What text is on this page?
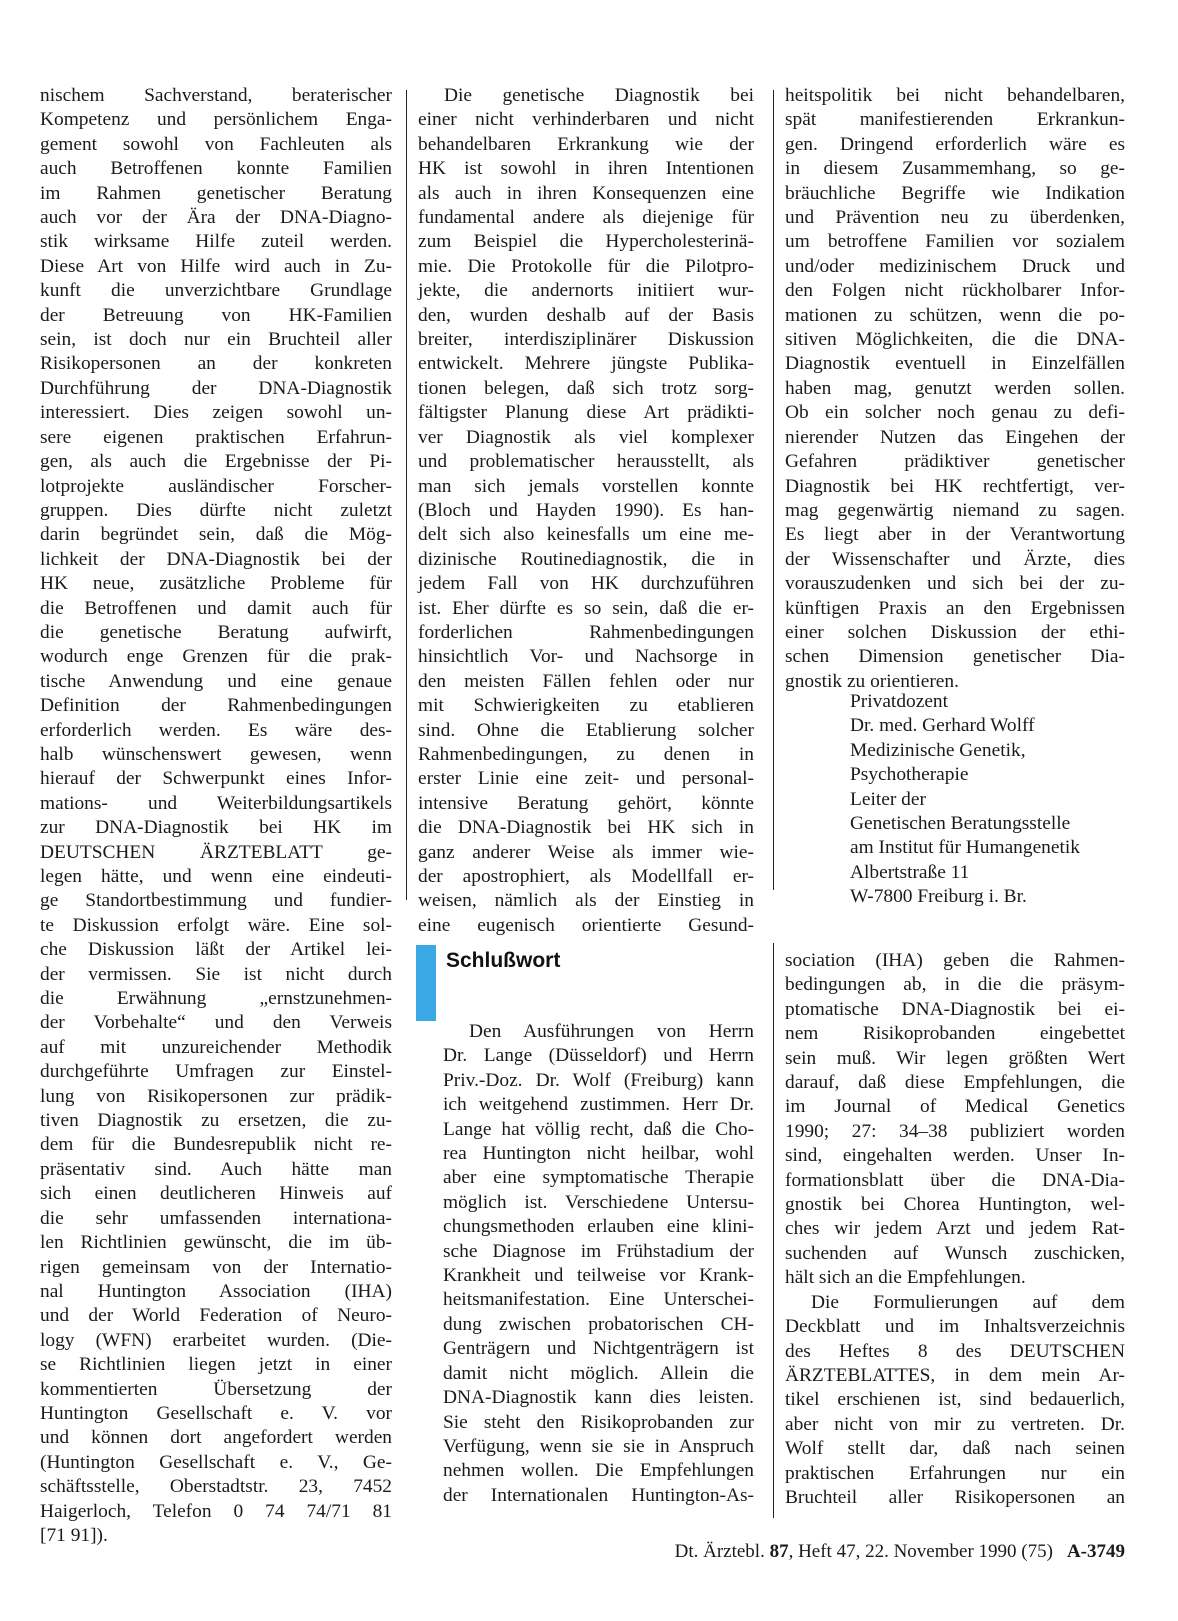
nischem Sachverstand, beraterischer
Kompetenz und persönlichem Enga-
gement sowohl von Fachleuten als
auch Betroffenen konnte Familien
im Rahmen genetischer Beratung
auch vor der Ära der DNA-Diagno-
stik wirksame Hilfe zuteil werden.
Diese Art von Hilfe wird auch in Zu-
kunft die unverzichtbare Grundlage
der Betreuung von HK-Familien
sein, ist doch nur ein Bruchteil aller
Risikopersonen an der konkreten
Durchführung der DNA-Diagnostik
interessiert. Dies zeigen sowohl un-
sere eigenen praktischen Erfahrun-
gen, als auch die Ergebnisse der Pi-
lotprojekte ausländischer Forscher-
gruppen. Dies dürfte nicht zuletzt
darin begründet sein, daß die Mög-
lichkeit der DNA-Diagnostik bei der
HK neue, zusätzliche Probleme für
die Betroffenen und damit auch für
die genetische Beratung aufwirft,
wodurch enge Grenzen für die prak-
tische Anwendung und eine genaue
Definition der Rahmenbedingungen
erforderlich werden. Es wäre des-
halb wünschenswert gewesen, wenn
hierauf der Schwerpunkt eines Infor-
mations- und Weiterbildungsartikels
zur DNA-Diagnostik bei HK im
DEUTSCHEN ÄRZTEBLATT ge-
legen hätte, und wenn eine eindeuti-
ge Standortbestimmung und fundier-
te Diskussion erfolgt wäre. Eine sol-
che Diskussion läßt der Artikel lei-
der vermissen. Sie ist nicht durch
die Erwähnung „ernstzunehmen-
der Vorbehalte“ und den Verweis
auf mit unzureichender Methodik
durchgeführte Umfragen zur Einstel-
lung von Risikopersonen zur prädik-
tiven Diagnostik zu ersetzen, die zu-
dem für die Bundesrepublik nicht re-
präsentativ sind. Auch hätte man
sich einen deutlicheren Hinweis auf
die sehr umfassenden internationa-
len Richtlinien gewünscht, die im üb-
rigen gemeinsam von der Internatio-
nal Huntington Association (IHA)
und der World Federation of Neuro-
logy (WFN) erarbeitet wurden. (Die-
se Richtlinien liegen jetzt in einer
kommentierten Übersetzung der
Huntington Gesellschaft e. V. vor
und können dort angefordert werden
(Huntington Gesellschaft e. V., Ge-
schäftsstelle, Oberstadtstr. 23, 7452
Haigerloch, Telefon 0 74 74/71 81
[71 91]).
Die genetische Diagnostik bei
einer nicht verhinderbaren und nicht
behandelbaren Erkrankung wie der
HK ist sowohl in ihren Intentionen
als auch in ihren Konsequenzen eine
fundamental andere als diejenige für
zum Beispiel die Hypercholesterinä-
mie. Die Protokolle für die Pilotpro-
jekte, die andernorts initiiert wur-
den, wurden deshalb auf der Basis
breiter, interdisziplinärer Diskussion
entwickelt. Mehrere jüngste Publika-
tionen belegen, daß sich trotz sorg-
fältigster Planung diese Art prädikti-
ver Diagnostik als viel komplexer
und problematischer herausstellt, als
man sich jemals vorstellen konnte
(Bloch und Hayden 1990). Es han-
delt sich also keinesfalls um eine me-
dizinische Routinediagnostik, die in
jedem Fall von HK durchzuführen
ist. Eher dürfte es so sein, daß die er-
forderlichen Rahmenbedingungen
hinsichtlich Vor- und Nachsorge in
den meisten Fällen fehlen oder nur
mit Schwierigkeiten zu etablieren
sind. Ohne die Etablierung solcher
Rahmenbedingungen, zu denen in
erster Linie eine zeit- und personal-
intensive Beratung gehört, könnte
die DNA-Diagnostik bei HK sich in
ganz anderer Weise als immer wie-
der apostrophiert, als Modellfall er-
weisen, nämlich als der Einstieg in
eine eugenisch orientierte Gesund-
heitspolitik bei nicht behandelbaren,
spät manifestierenden Erkrankun-
gen. Dringend erforderlich wäre es
in diesem Zusammemhang, so ge-
bräuchliche Begriffe wie Indikation
und Prävention neu zu überdenken,
um betroffene Familien vor sozialem
und/oder medizinischem Druck und
den Folgen nicht rückholbarer Infor-
mationen zu schützen, wenn die po-
sitiven Möglichkeiten, die die DNA-
Diagnostik eventuell in Einzelfällen
haben mag, genutzt werden sollen.
Ob ein solcher noch genau zu defi-
nierender Nutzen das Eingehen der
Gefahren prädiktiver genetischer
Diagnostik bei HK rechtfertigt, ver-
mag gegenwärtig niemand zu sagen.
Es liegt aber in der Verantwortung
der Wissenschafter und Ärzte, dies
vorauszudenken und sich bei der zu-
künftigen Praxis an den Ergebnissen
einer solchen Diskussion der ethi-
schen Dimension genetischer Dia-
gnostik zu orientieren.
Privatdozent
Dr. med. Gerhard Wolff
Medizinische Genetik,
Psychotherapie
Leiter der
Genetischen Beratungsstelle
am Institut für Humangenetik
Albertstraße 11
W-7800 Freiburg i. Br.
Schlußwort
Den Ausführungen von Herrn
Dr. Lange (Düsseldorf) und Herrn
Priv.-Doz. Dr. Wolf (Freiburg) kann
ich weitgehend zustimmen. Herr Dr.
Lange hat völlig recht, daß die Cho-
rea Huntington nicht heilbar, wohl
aber eine symptomatische Therapie
möglich ist. Verschiedene Untersu-
chungsmethoden erlauben eine klini-
sche Diagnose im Frühstadium der
Krankheit und teilweise vor Krank-
heitsmanifestation. Eine Unterschei-
dung zwischen probatorischen CH-
Genträgern und Nichtgenträgern ist
damit nicht möglich. Allein die
DNA-Diagnostik kann dies leisten.
Sie steht den Risikoprobanden zur
Verfügung, wenn sie sie in Anspruch
nehmen wollen. Die Empfehlungen
der Internationalen Huntington-As-
sociation (IHA) geben die Rahmen-
bedingungen ab, in die die präsym-
ptomatische DNA-Diagnostik bei ei-
nem Risikoprobanden eingebettet
sein muß. Wir legen größten Wert
darauf, daß diese Empfehlungen, die
im Journal of Medical Genetics
1990; 27: 34–38 publiziert worden
sind, eingehalten werden. Unser In-
formationsblatt über die DNA-Dia-
gnostik bei Chorea Huntington, wel-
ches wir jedem Arzt und jedem Rat-
suchenden auf Wunsch zuschicken,
hält sich an die Empfehlungen.
Die Formulierungen auf dem
Deckblatt und im Inhaltsverzeichnis
des Heftes 8 des DEUTSCHEN
ÄRZTEBLATTES, in dem mein Ar-
tikel erschienen ist, sind bedauerlich,
aber nicht von mir zu vertreten. Dr.
Wolf stellt dar, daß nach seinen
praktischen Erfahrungen nur ein
Bruchteil aller Risikopersonen an
Dt. Ärztebl. 87, Heft 47, 22. November 1990 (75) A-3749
